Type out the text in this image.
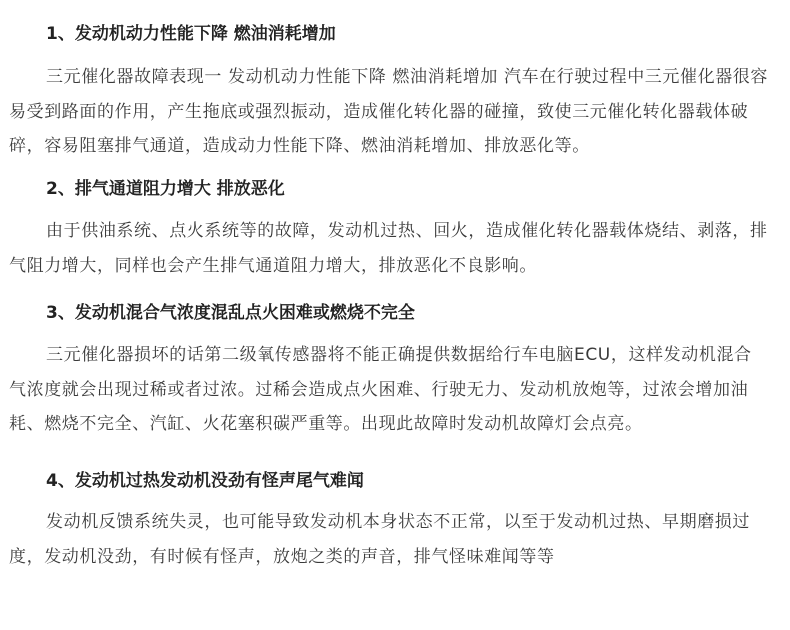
1、发动机动力性能下降 燃油消耗增加

三元催化器故障表现一 发动机动力性能下降 燃油消耗增加 汽车在行驶过程中三元催化器很容易受到路面的作用，产生拖底或强烈振动，造成催化转化器的碰撞，致使三元催化转化器载体破碎，容易阻塞排气通道，造成动力性能下降、燃油消耗增加、排放恶化等。

2、排气通道阻力增大 排放恶化

由于供油系统、点火系统等的故障，发动机过热、回火，造成催化转化器载体烧结、剥落，排气阻力增大，同样也会产生排气通道阻力增大，排放恶化不良影响。

3、发动机混合气浓度混乱点火困难或燃烧不完全

三元催化器损坏的话第二级氧传感器将不能正确提供数据给行车电脑ECU，这样发动机混合气浓度就会出现过稀或者过浓。过稀会造成点火困难、行驶无力、发动机放炮等，过浓会增加油耗、燃烧不完全、汽缸、火花塞积碳严重等。出现此故障时发动机故障灯会点亮。

4、发动机过热发动机没劲有怪声尾气难闻

发动机反馈系统失灵，也可能导致发动机本身状态不正常，以至于发动机过热、早期磨损过度，发动机没劲，有时候有怪声，放炮之类的声音，排气怪味难闻等等
